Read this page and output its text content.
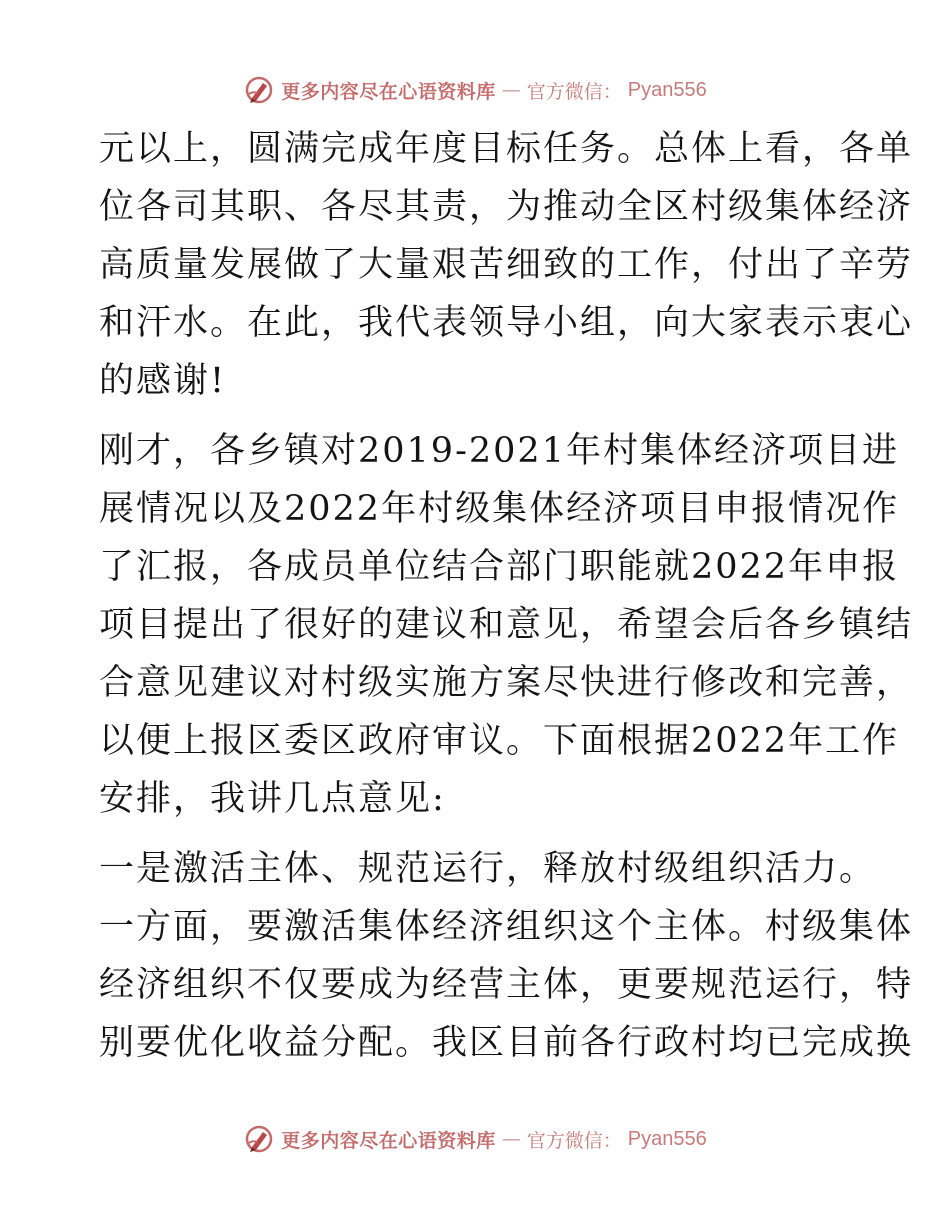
更多内容尽在心语资料库 — 官方微信： Pyan556
元以上，圆满完成年度目标任务。总体上看，各单
位各司其职、各尽其责，为推动全区村级集体经济
高质量发展做了大量艰苦细致的工作，付出了辛劳
和汗水。在此，我代表领导小组，向大家表示衷心
的感谢!
刚才，各乡镇对2019-2021年村集体经济项目进
展情况以及2022年村级集体经济项目申报情况作
了汇报，各成员单位结合部门职能就2022年申报
项目提出了很好的建议和意见，希望会后各乡镇结
合意见建议对村级实施方案尽快进行修改和完善，
以便上报区委区政府审议。下面根据2022年工作
安排，我讲几点意见:
一是激活主体、规范运行，释放村级组织活力。
一方面，要激活集体经济组织这个主体。村级集体
经济组织不仅要成为经营主体，更要规范运行，特
别要优化收益分配。我区目前各行政村均已完成换
更多内容尽在心语资料库 — 官方微信： Pyan556
